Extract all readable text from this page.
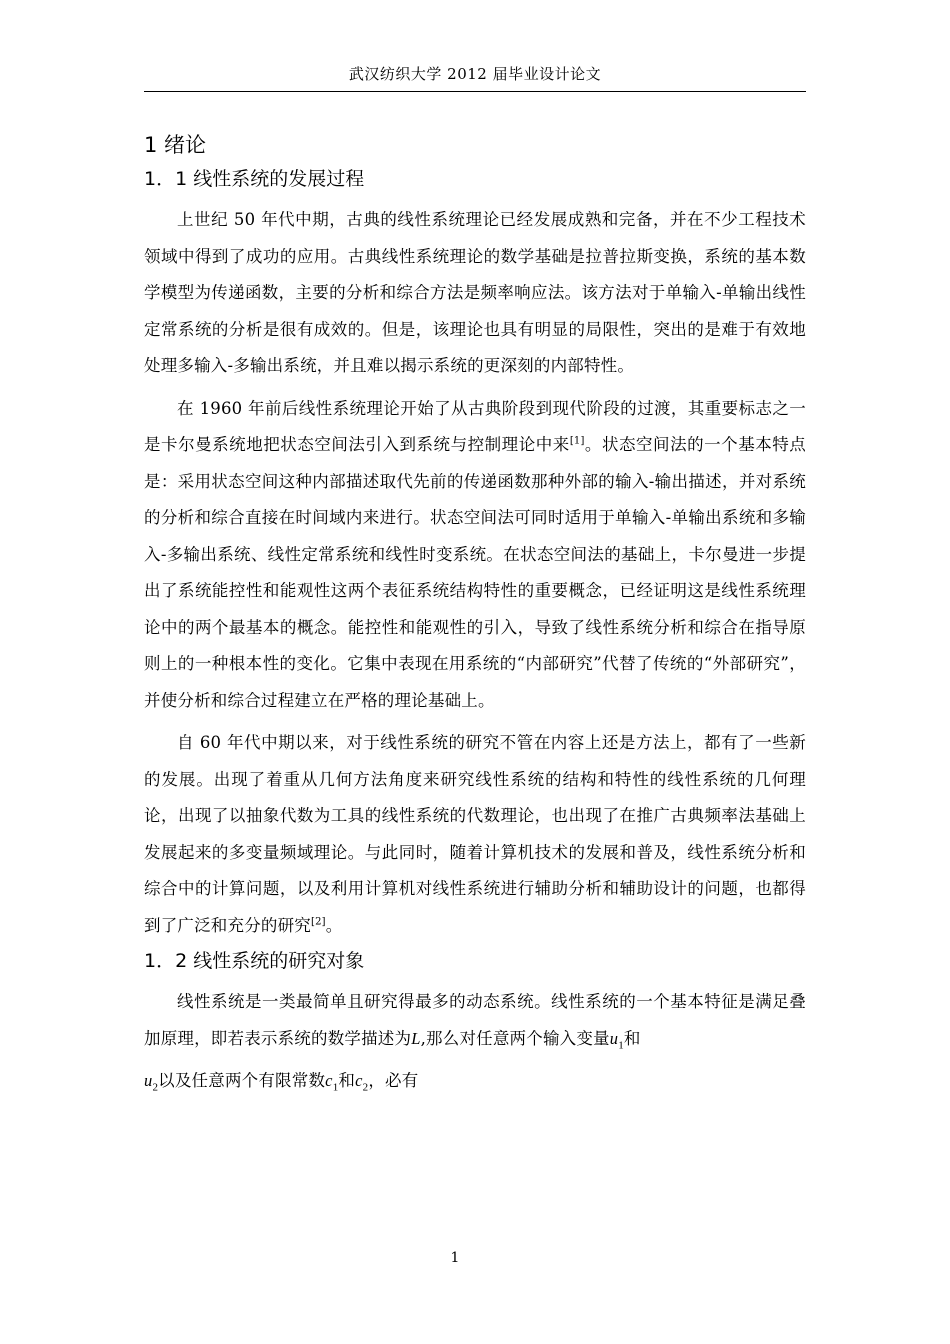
武汉纺织大学 2012 届毕业设计论文
1 绪论
1．1 线性系统的发展过程

上世纪 50 年代中期，古典的线性系统理论已经发展成熟和完备，并在不少工程技术领域中得到了成功的应用。古典线性系统理论的数学基础是拉普拉斯变换，系统的基本数学模型为传递函数，主要的分析和综合方法是频率响应法。该方法对于单输入-单输出线性定常系统的分析是很有成效的。但是，该理论也具有明显的局限性，突出的是难于有效地处理多输入-多输出系统，并且难以揭示系统的更深刻的内部特性。

在 1960 年前后线性系统理论开始了从古典阶段到现代阶段的过渡，其重要标志之一是卡尔曼系统地把状态空间法引入到系统与控制理论中来[1]。状态空间法的一个基本特点是：采用状态空间这种内部描述取代先前的传递函数那种外部的输入-输出描述，并对系统的分析和综合直接在时间域内来进行。状态空间法可同时适用于单输入-单输出系统和多输入-多输出系统、线性定常系统和线性时变系统。在状态空间法的基础上，卡尔曼进一步提出了系统能控性和能观性这两个表征系统结构特性的重要概念，已经证明这是线性系统理论中的两个最基本的概念。能控性和能观性的引入，导致了线性系统分析和综合在指导原则上的一种根本性的变化。它集中表现在用系统的“内部研究”代替了传统的“外部研究”，并使分析和综合过程建立在严格的理论基础上。

自 60 年代中期以来，对于线性系统的研究不管在内容上还是方法上，都有了一些新的发展。出现了着重从几何方法角度来研究线性系统的结构和特性的线性系统的几何理论，出现了以抽象代数为工具的线性系统的代数理论，也出现了在推广古典频率法基础上发展起来的多变量频域理论。与此同时，随着计算机技术的发展和普及，线性系统分析和综合中的计算问题，以及利用计算机对线性系统进行辅助分析和辅助设计的问题，也都得到了广泛和充分的研究[2]。

1．2 线性系统的研究对象

线性系统是一类最简单且研究得最多的动态系统。线性系统的一个基本特征是满足叠加原理，即若表示系统的数学描述为L,那么对任意两个输入变量$u_1$和
$u_2$以及任意两个有限常数$c_1$和$c_2$，必有

1
